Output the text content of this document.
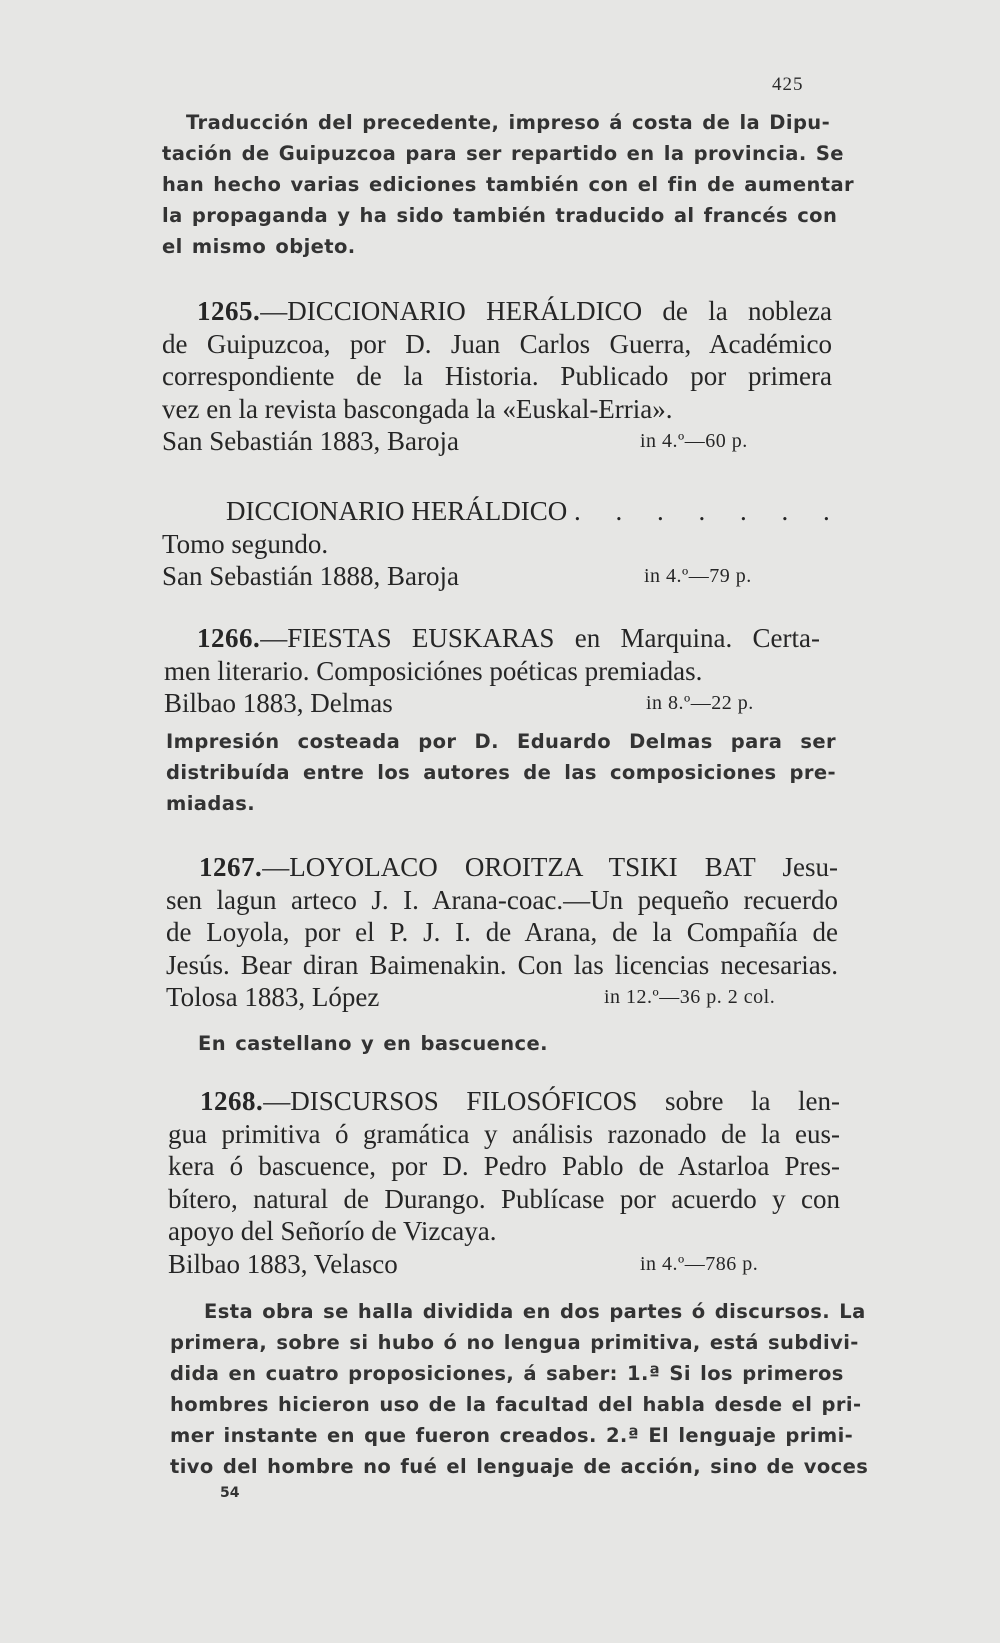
425
Traducción del precedente, impreso á costa de la Dipu-
tación de Guipuzcoa para ser repartido en la provincia. Se
han hecho varias ediciones también con el fin de aumentar
la propaganda y ha sido también traducido al francés con
el mismo objeto.
1265.—DICCIONARIO HERÁLDICO de la nobleza
de Guipuzcoa, por D. Juan Carlos Guerra, Académico
correspondiente de la Historia. Publicado por primera
vez en la revista bascongada la «Euskal-Erria».
San Sebastián 1883, Baroja	in 4.º—60 p.
DICCIONARIO HERÁLDICO . . . . . . .
Tomo segundo.
San Sebastián 1888, Baroja	in 4.º—79 p.
1266.—FIESTAS EUSKARAS en Marquina. Certa-
men literario. Composiciónes poéticas premiadas.
Bilbao 1883, Delmas	in 8.º—22 p.
Impresión costeada por D. Eduardo Delmas para ser
distribuída entre los autores de las composiciones pre-
miadas.
1267.—LOYOLACO OROITZA TSIKI BAT Jesu-
sen lagun arteco J. I. Arana-coac.—Un pequeño recuerdo
de Loyola, por el P. J. I. de Arana, de la Compañía de
Jesús. Bear diran Baimenakin. Con las licencias necesarias.
Tolosa 1883, López	in 12.º—36 p. 2 col.
En castellano y en bascuence.
1268.—DISCURSOS FILOSÓFICOS sobre la len-
gua primitiva ó gramática y análisis razonado de la eus-
kera ó bascuence, por D. Pedro Pablo de Astarloa Pres-
bítero, natural de Durango. Publícase por acuerdo y con
apoyo del Señorío de Vizcaya.
Bilbao 1883, Velasco	in 4.º—786 p.
Esta obra se halla dividida en dos partes ó discursos. La
primera, sobre si hubo ó no lengua primitiva, está subdivi-
dida en cuatro proposiciones, á saber: 1.ª Si los primeros
hombres hicieron uso de la facultad del habla desde el pri-
mer instante en que fueron creados. 2.ª El lenguaje primi-
tivo del hombre no fué el lenguaje de acción, sino de voces
54
